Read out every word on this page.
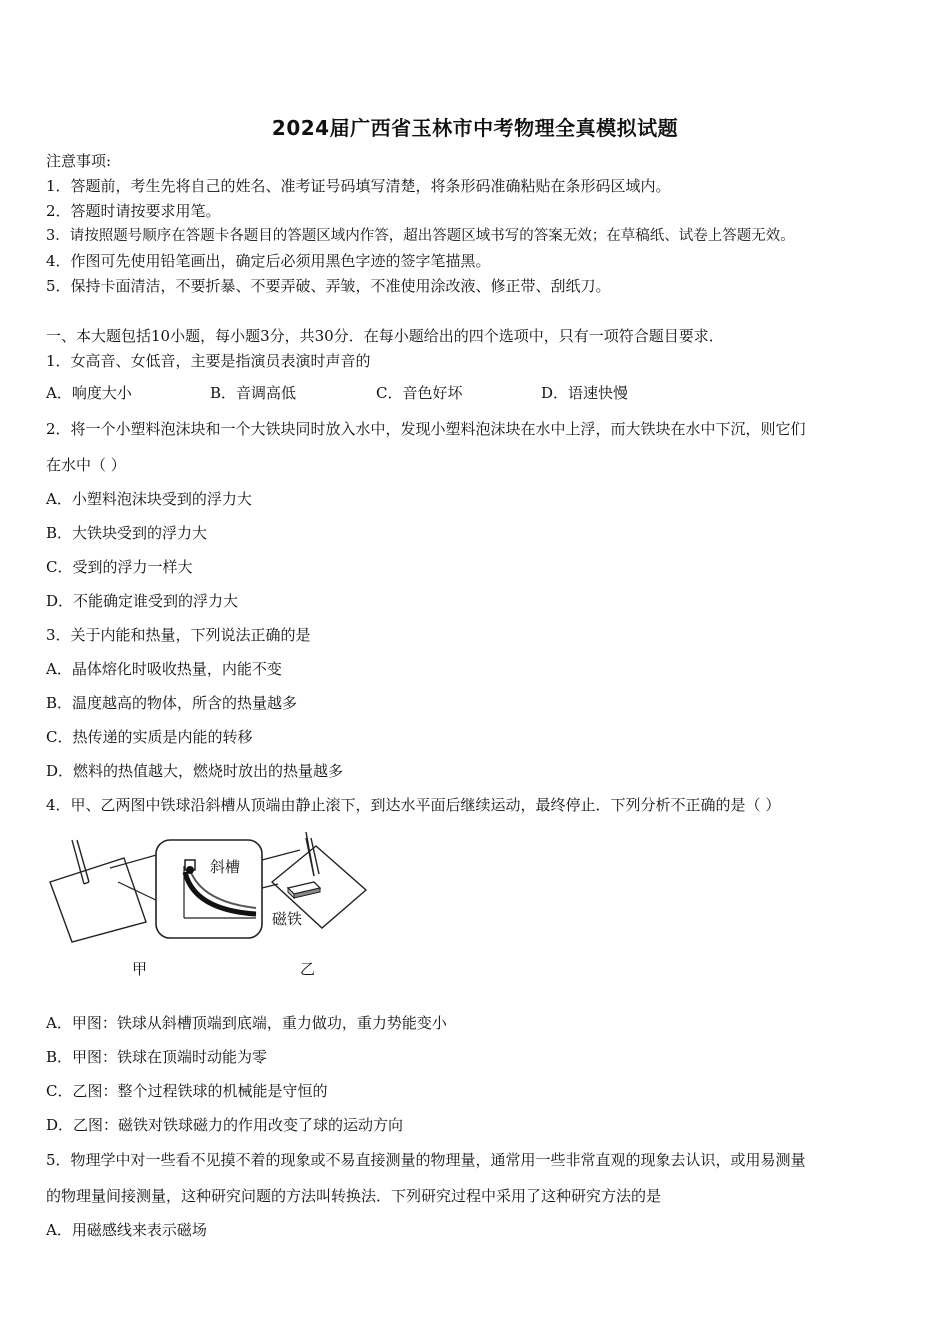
2024届广西省玉林市中考物理全真模拟试题
注意事项:
1．答题前，考生先将自己的姓名、准考证号码填写清楚，将条形码准确粘贴在条形码区域内。
2．答题时请按要求用笔。
3．请按照题号顺序在答题卡各题目的答题区域内作答，超出答题区域书写的答案无效；在草稿纸、试卷上答题无效。
4．作图可先使用铅笔画出，确定后必须用黑色字迹的签字笔描黑。
5．保持卡面清洁，不要折暴、不要弄破、弄皱，不准使用涂改液、修正带、刮纸刀。
一、本大题包括10小题，每小题3分，共30分．在每小题给出的四个选项中，只有一项符合题目要求．
1．女高音、女低音，主要是指演员表演时声音的
A．响度大小	B．音调高低	C．音色好坏	D．语速快慢
2．将一个小塑料泡沫块和一个大铁块同时放入水中，发现小塑料泡沫块在水中上浮，而大铁块在水中下沉，则它们
在水中（ ）
A．小塑料泡沫块受到的浮力大
B．大铁块受到的浮力大
C．受到的浮力一样大
D．不能确定谁受到的浮力大
3．关于内能和热量，下列说法正确的是
A．晶体熔化时吸收热量，内能不变
B．温度越高的物体，所含的热量越多
C．热传递的实质是内能的转移
D．燃料的热值越大，燃烧时放出的热量越多
4．甲、乙两图中铁球沿斜槽从顶端由静止滚下，到达水平面后继续运动，最终停止．下列分析不正确的是（ ）
斜槽
磁铁
甲	乙
A．甲图：铁球从斜槽顶端到底端，重力做功，重力势能变小
B．甲图：铁球在顶端时动能为零
C．乙图：整个过程铁球的机械能是守恒的
D．乙图：磁铁对铁球磁力的作用改变了球的运动方向
5．物理学中对一些看不见摸不着的现象或不易直接测量的物理量，通常用一些非常直观的现象去认识，或用易测量
的物理量间接测量，这种研究问题的方法叫转换法．下列研究过程中采用了这种研究方法的是
A．用磁感线来表示磁场
